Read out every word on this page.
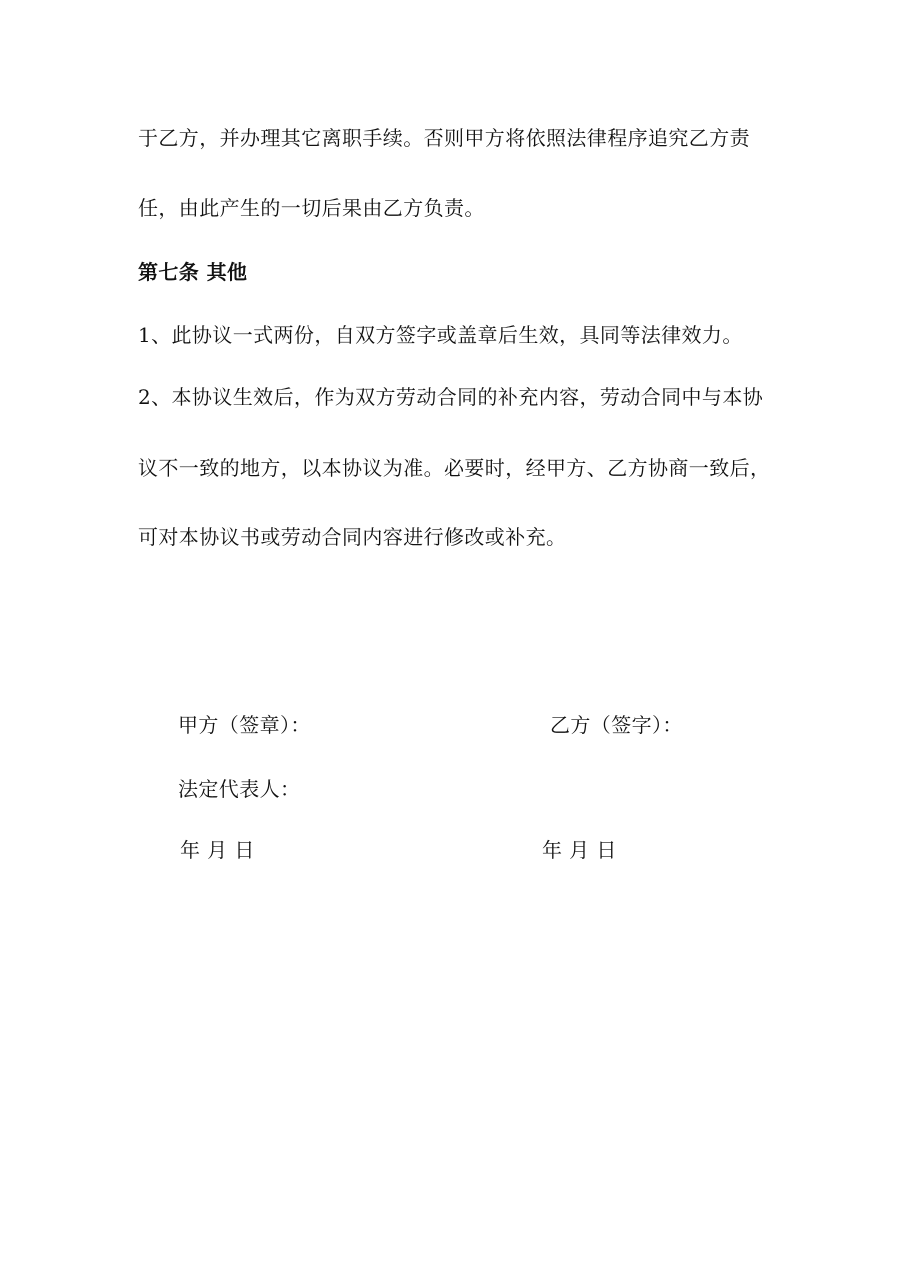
于乙方，并办理其它离职手续。否则甲方将依照法律程序追究乙方责
任，由此产生的一切后果由乙方负责。
第七条 其他
1、此协议一式两份，自双方签字或盖章后生效，具同等法律效力。
2、本协议生效后，作为双方劳动合同的补充内容，劳动合同中与本协
议不一致的地方，以本协议为准。必要时，经甲方、乙方协商一致后，
可对本协议书或劳动合同内容进行修改或补充。
甲方（签章）：	乙方（签字）：
法定代表人：
年 月 日	年 月 日
